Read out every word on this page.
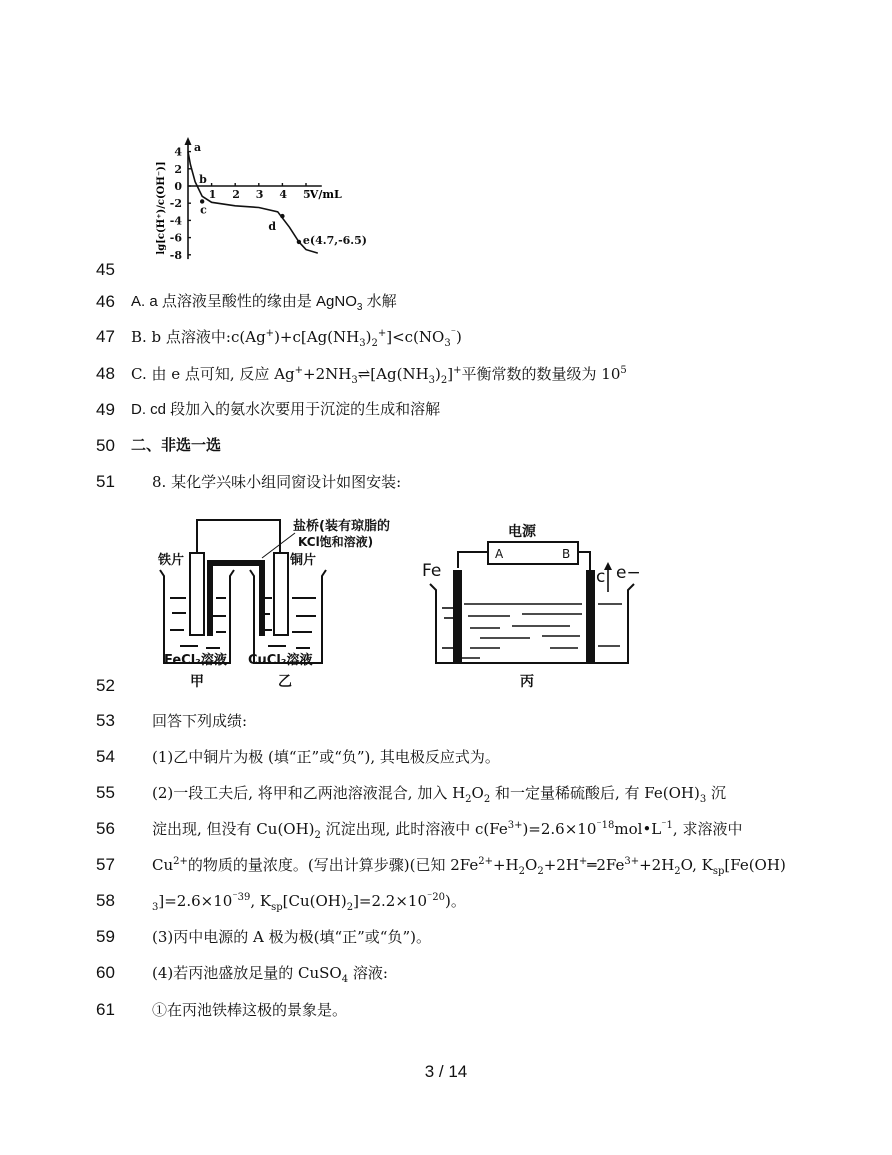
lg[c(H⁺)/c(OH⁻)]	1 2 3 4 5
4
2
0
-2
-4
-6
-8
a
b
c
d
e(4.7,-6.5)
V/mL
45
46 A. a 点溶液呈酸性的缘由是 AgNO$_3$ 水解
47 B. b 点溶液中$:c(Ag^+)+c[Ag(NH_3)_2^+]<c(NO_3^{^-})$
48 C. 由 e 点可知, 反应 $Ag^++2NH_3\rightleftharpoons[Ag(NH_3)_2]^+$平衡常数的数量级为 $10^5$
49 D. cd 段加入的氨水次要用于沉淀的生成和溶解
50 二、非选一选
51 8. 某化学兴味小组同窗设计如图安装:
盐桥(装有琼脂的
KCl饱和溶液)
铁片	铜片
FeCl₂溶液 CuCl₂溶液
甲	乙
电源
A	B
Fe	c e−
丙
52
53 回答下列成绩:
54 (1)乙中铜片为极 (填“正”或“负”), 其电极反应式为。
55 (2)一段工夫后, 将甲和乙两池溶液混合, 加入 $H_2O_2$ 和一定量稀硫酸后, 有 $Fe(OH)_3$ 沉
56 淀出现, 但没有 $Cu(OH)_2$ 沉淀出现, 此时溶液中 $c(Fe^{3+})=2.6\times 10^{^-18}mol•L^{^-1}$, 求溶液中
57 $Cu^{2+}$的物质的量浓度。(写出计算步骤)(已知 $2Fe^{2+}+H_2O_2+2H^+═2Fe^{3+}+2H_2O$, $K_{sp}[Fe(OH)$
58	$_3]=2.6\times 10^{^-39}$, $K_{sp}[Cu(OH)_2]=2.2\times 10^{^-20}$)。
59 (3)丙中电源的 A 极为极(填“正”或“负”)。
60 (4)若丙池盛放足量的 CuSO$_4$ 溶液:
61 ①在丙池铁棒这极的景象是。
3 / 14
